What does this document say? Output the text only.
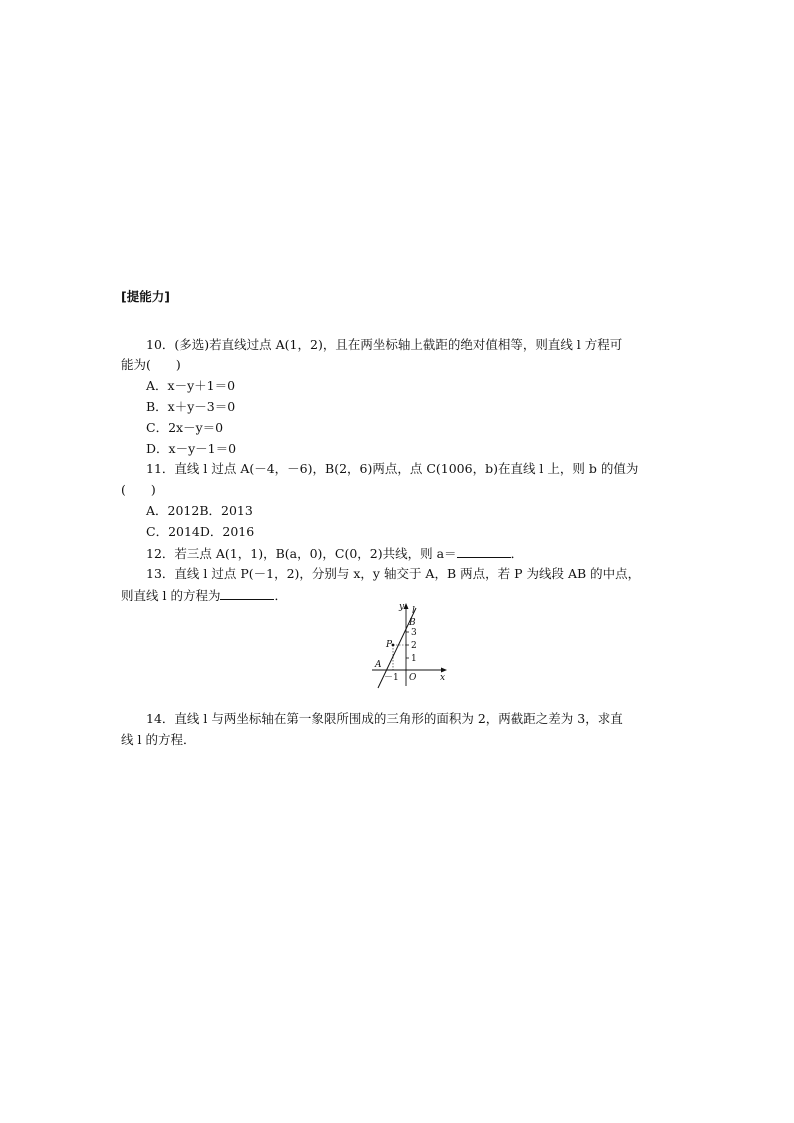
[提能力]
10．(多选)若直线过点 A(1，2)，且在两坐标轴上截距的绝对值相等，则直线 l 方程可
能为(　　)
A．x－y＋1＝0
B．x＋y－3＝0
C．2x－y＝0
D．x－y－1＝0
11．直线 l 过点 A(－4，－6)，B(2，6)两点，点 C(1006，b)在直线 l 上，则 b 的值为
(　　)
A．2012B．2013
C．2014D．2016
12．若三点 A(1，1)，B(a，0)，C(0，2)共线，则 a＝	．
13．直线 l 过点 P(－1，2)，分别与 x，y 轴交于 A，B 两点，若 P 为线段 AB 的中点，
则直线 l 的方程为	．
y l
B
3
2
1
P
A
－1 O	x
14．直线 l 与两坐标轴在第一象限所围成的三角形的面积为 2，两截距之差为 3，求直
线 l 的方程．
